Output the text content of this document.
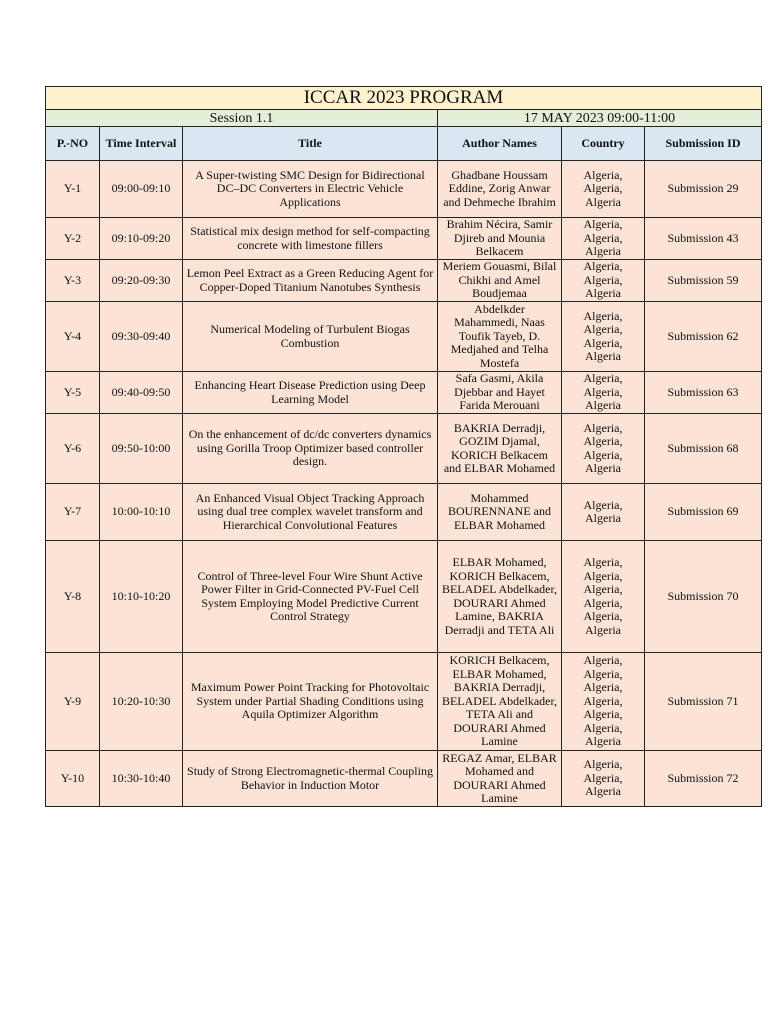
ICCAR 2023 PROGRAM					
Session 1.1			17 MAY 2023 09:00-11:00		
P.-NO	Time Interval	Title	Author Names	Country	Submission ID
Y-1	09:00-09:10	A Super-twisting SMC Design for Bidirectional DC–DC Converters in Electric Vehicle Applications	Ghadbane Houssam Eddine, Zorig Anwar and Dehmeche Ibrahim	Algeria, Algeria, Algeria	Submission 29
Y-2	09:10-09:20	Statistical mix design method for self-compacting concrete with limestone fillers	Brahim Nécira, Samir Djireb and Mounia Belkacem	Algeria, Algeria, Algeria	Submission 43
Y-3	09:20-09:30	Lemon Peel Extract as a Green Reducing Agent for Copper-Doped Titanium Nanotubes Synthesis	Meriem Gouasmi, Bilal Chikhi and Amel Boudjemaa	Algeria, Algeria, Algeria	Submission 59
Y-4	09:30-09:40	Numerical Modeling of Turbulent Biogas Combustion	Abdelkder Mahammedi, Naas Toufik Tayeb, D. Medjahed and Telha Mostefa	Algeria, Algeria, Algeria, Algeria	Submission 62
Y-5	09:40-09:50	Enhancing Heart Disease Prediction using Deep Learning Model	Safa Gasmi, Akila Djebbar and Hayet Farida Merouani	Algeria, Algeria, Algeria	Submission 63
Y-6	09:50-10:00	On the enhancement of dc/dc converters dynamics using Gorilla Troop Optimizer based controller design.	BAKRIA Derradji, GOZIM Djamal, KORICH Belkacem and ELBAR Mohamed	Algeria, Algeria, Algeria, Algeria	Submission 68
Y-7	10:00-10:10	An Enhanced Visual Object Tracking Approach using dual tree complex wavelet transform and Hierarchical Convolutional Features	Mohammed BOURENNANE and ELBAR Mohamed	Algeria, Algeria	Submission 69
Y-8	10:10-10:20	Control of Three-level Four Wire Shunt Active Power Filter in Grid-Connected PV-Fuel Cell System Employing Model Predictive Current Control Strategy	ELBAR Mohamed, KORICH Belkacem, BELADEL Abdelkader, DOURARI Ahmed Lamine, BAKRIA Derradji and TETA Ali	Algeria, Algeria, Algeria, Algeria, Algeria, Algeria	Submission 70
Y-9	10:20-10:30	Maximum Power Point Tracking for Photovoltaic System under Partial Shading Conditions using Aquila Optimizer Algorithm	KORICH Belkacem, ELBAR Mohamed, BAKRIA Derradji, BELADEL Abdelkader, TETA Ali and DOURARI Ahmed Lamine	Algeria, Algeria, Algeria, Algeria, Algeria, Algeria, Algeria	Submission 71
Y-10	10:30-10:40	Study of Strong Electromagnetic-thermal Coupling Behavior in Induction Motor	REGAZ Amar, ELBAR Mohamed and DOURARI Ahmed Lamine	Algeria, Algeria, Algeria	Submission 72
